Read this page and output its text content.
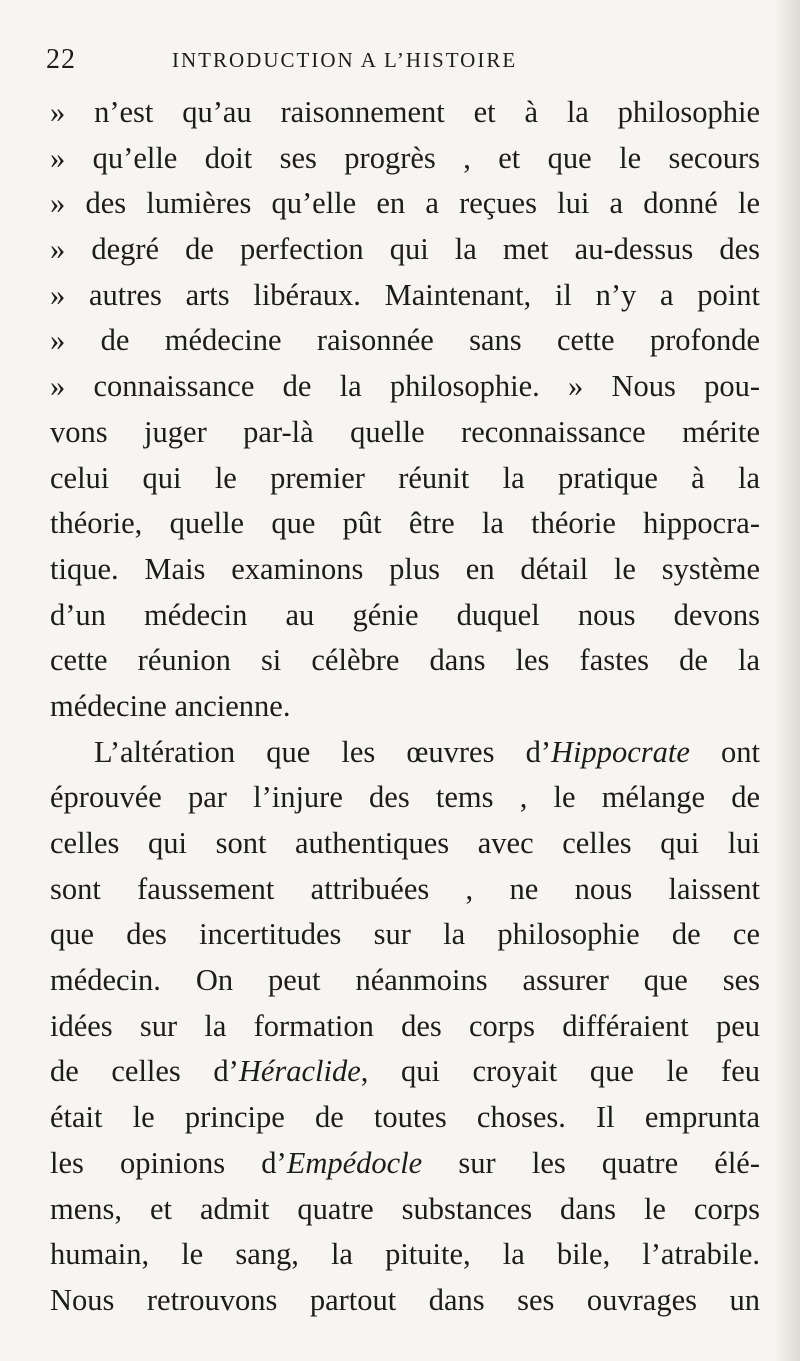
22	INTRODUCTION A L’HISTOIRE
» n’est qu’au raisonnement et à la philosophie
» qu’elle doit ses progrès , et que le secours
» des lumières qu’elle en a reçues lui a donné le
» degré de perfection qui la met au-dessus des
» autres arts libéraux. Maintenant, il n’y a point
» de médecine raisonnée sans cette profonde
» connaissance de la philosophie. » Nous pou-
vons juger par-là quelle reconnaissance mérite
celui qui le premier réunit la pratique à la
théorie, quelle que pût être la théorie hippocra-
tique. Mais examinons plus en détail le système
d’un médecin au génie duquel nous devons
cette réunion si célèbre dans les fastes de la
médecine ancienne.
L’altération que les œuvres d’Hippocrate ont
éprouvée par l’injure des tems , le mélange de
celles qui sont authentiques avec celles qui lui
sont faussement attribuées , ne nous laissent
que des incertitudes sur la philosophie de ce
médecin. On peut néanmoins assurer que ses
idées sur la formation des corps différaient peu
de celles d’Héraclide, qui croyait que le feu
était le principe de toutes choses. Il emprunta
les opinions d’Empédocle sur les quatre élé-
mens, et admit quatre substances dans le corps
humain, le sang, la pituite, la bile, l’atrabile.
Nous retrouvons partout dans ses ouvrages un
